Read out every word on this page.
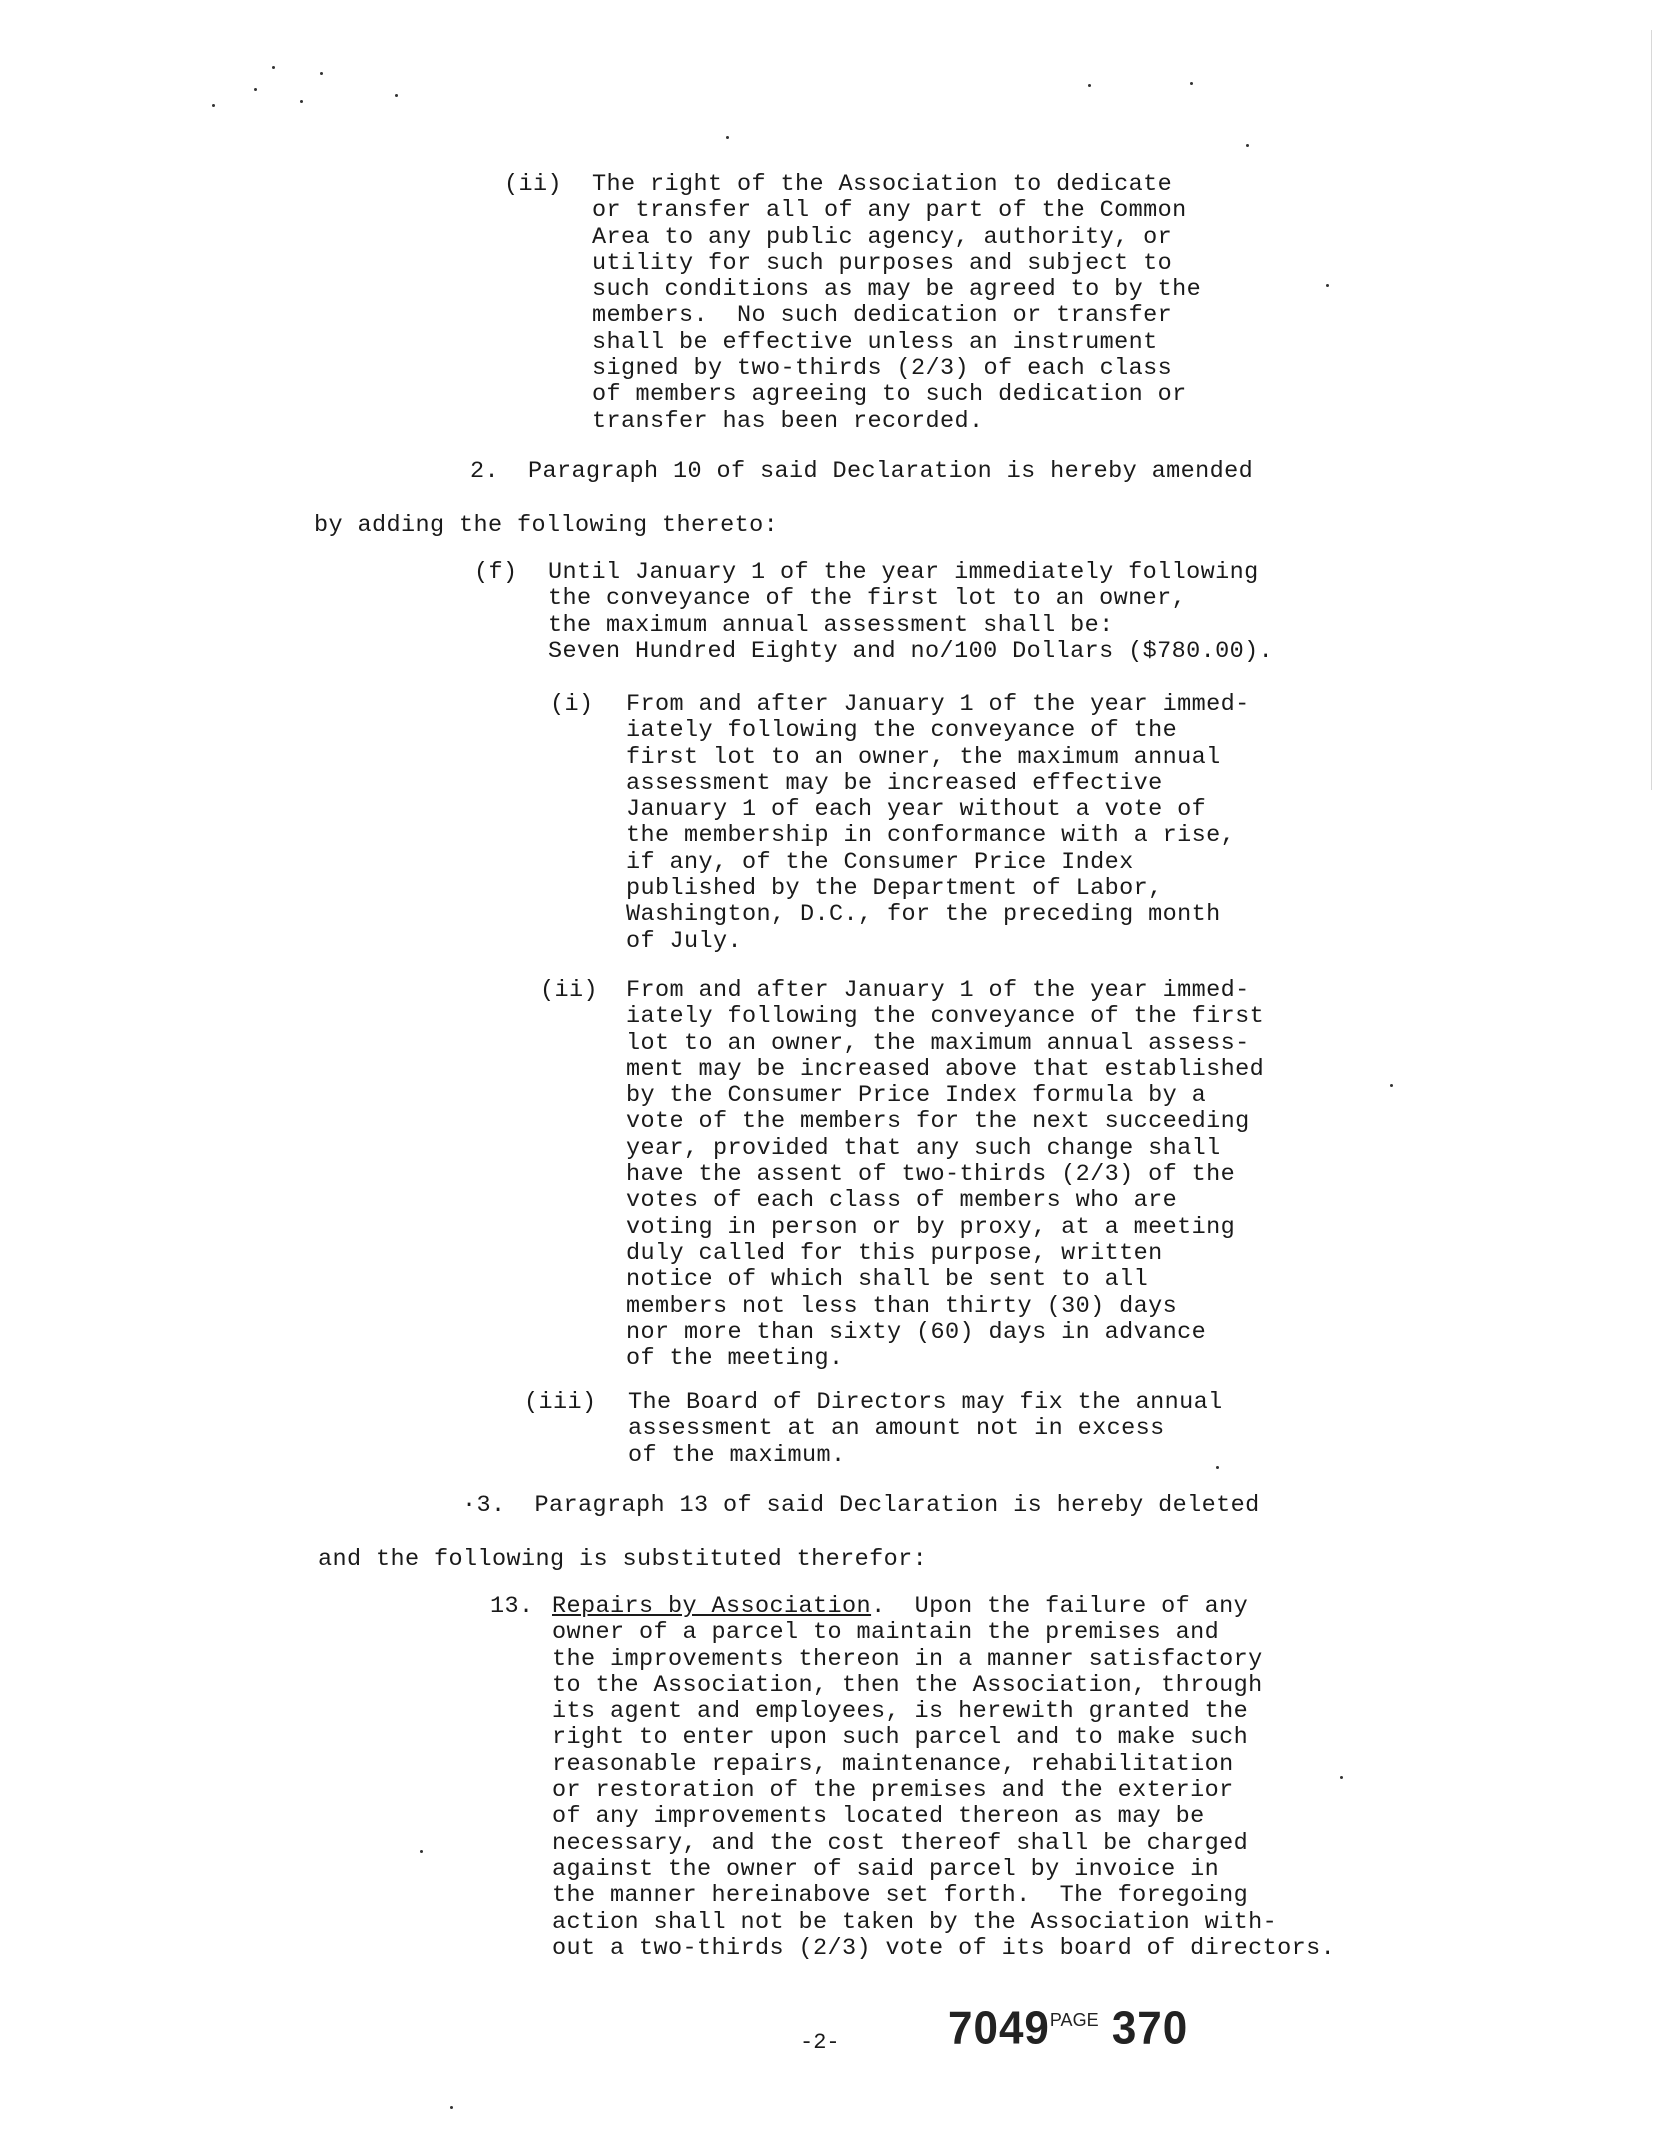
(ii) The right of the Association to dedicate
or transfer all of any part of the Common
Area to any public agency, authority, or
utility for such purposes and subject to
such conditions as may be agreed to by the
members.  No such dedication or transfer
shall be effective unless an instrument
signed by two-thirds (2/3) of each class
of members agreeing to such dedication or
transfer has been recorded.
2.  Paragraph 10 of said Declaration is hereby amended
by adding the following thereto:
(f) Until January 1 of the year immediately following
the conveyance of the first lot to an owner,
the maximum annual assessment shall be:
Seven Hundred Eighty and no/100 Dollars ($780.00).
(i) From and after January 1 of the year immed-
iately following the conveyance of the
first lot to an owner, the maximum annual
assessment may be increased effective
January 1 of each year without a vote of
the membership in conformance with a rise,
if any, of the Consumer Price Index
published by the Department of Labor,
Washington, D.C., for the preceding month
of July.
(ii) From and after January 1 of the year immed-
iately following the conveyance of the first
lot to an owner, the maximum annual assess-
ment may be increased above that established
by the Consumer Price Index formula by a
vote of the members for the next succeeding
year, provided that any such change shall
have the assent of two-thirds (2/3) of the
votes of each class of members who are
voting in person or by proxy, at a meeting
duly called for this purpose, written
notice of which shall be sent to all
members not less than thirty (30) days
nor more than sixty (60) days in advance
of the meeting.
(iii) The Board of Directors may fix the annual
assessment at an amount not in excess
of the maximum.
·3.  Paragraph 13 of said Declaration is hereby deleted
and the following is substituted therefor:
13. Repairs by Association.  Upon the failure of any
owner of a parcel to maintain the premises and
the improvements thereon in a manner satisfactory
to the Association, then the Association, through
its agent and employees, is herewith granted the
right to enter upon such parcel and to make such
reasonable repairs, maintenance, rehabilitation
or restoration of the premises and the exterior
of any improvements located thereon as may be
necessary, and the cost thereof shall be charged
against the owner of said parcel by invoice in
the manner hereinabove set forth.  The foregoing
action shall not be taken by the Association with-
out a two-thirds (2/3) vote of its board of directors.
-2- $7049^{PAGE}$ 370
